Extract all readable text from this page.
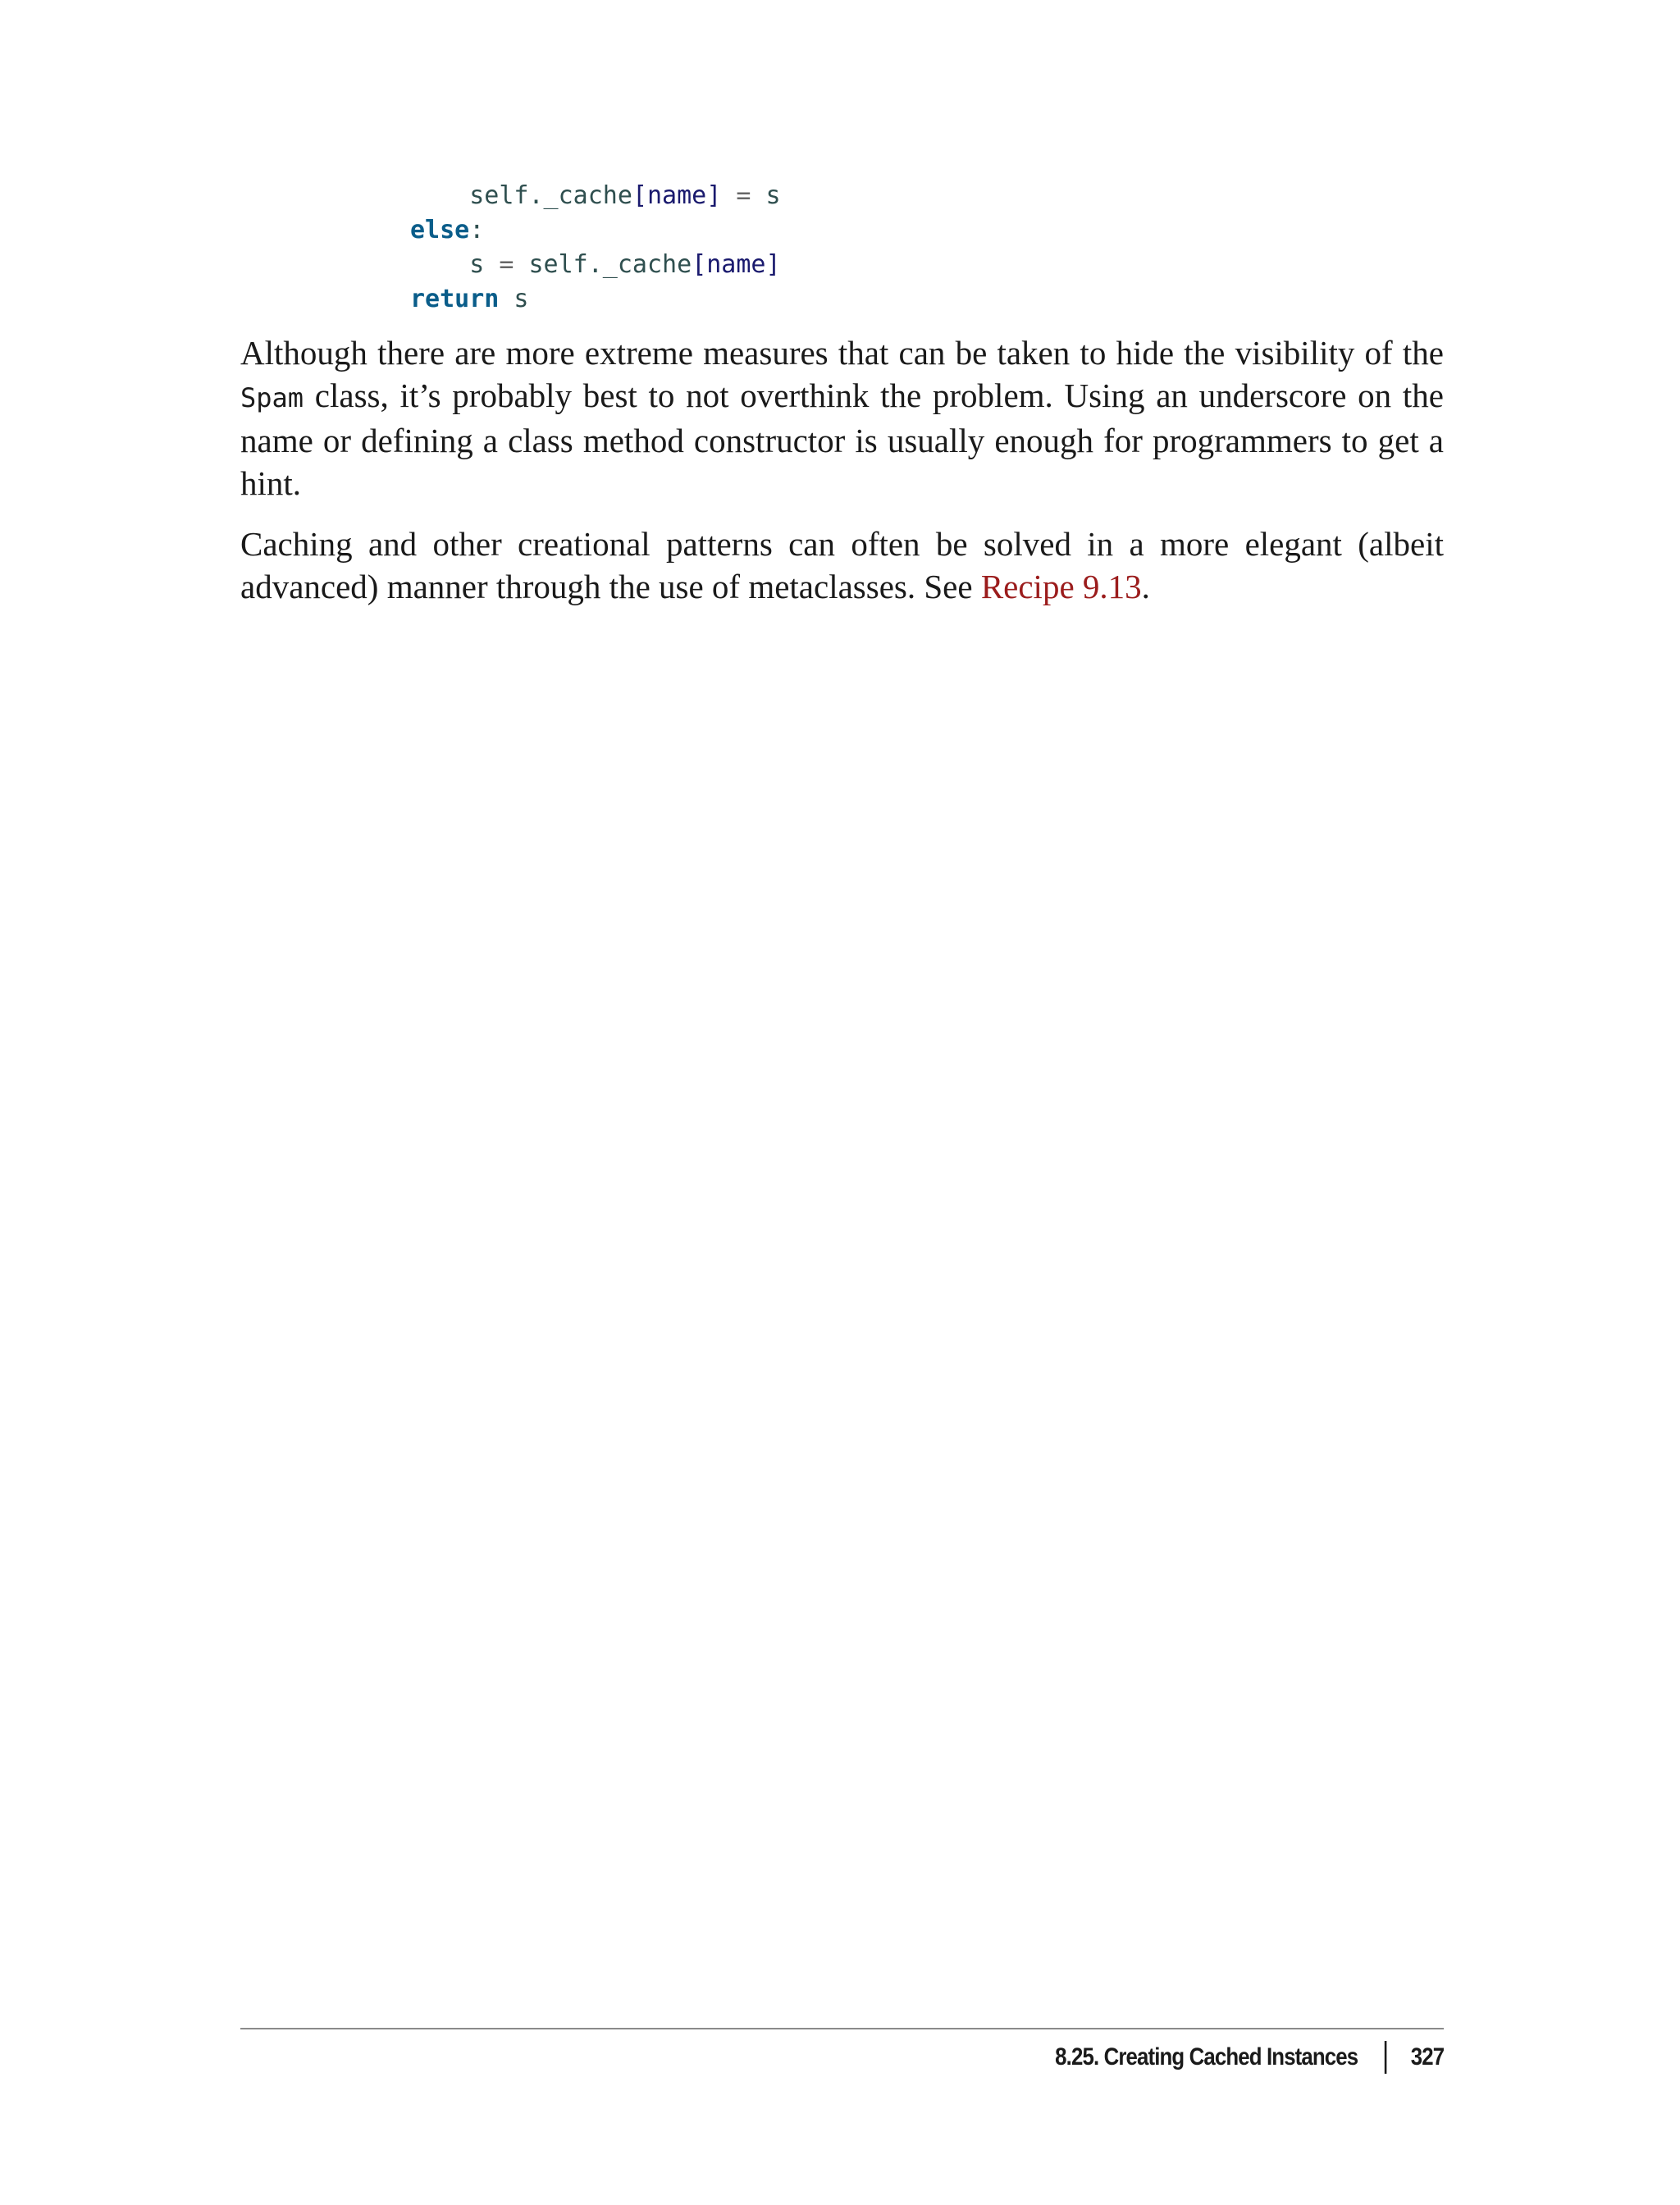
self._cache[name] = s
else:
s = self._cache[name]
return s

Although there are more extreme measures that can be taken to hide the visibility of the Spam class, it’s probably best to not overthink the problem. Using an underscore on the name or defining a class method constructor is usually enough for programmers to get a hint.

Caching and other creational patterns can often be solved in a more elegant (albeit advanced) manner through the use of metaclasses. See Recipe 9.13.

8.25. Creating Cached Instances 327
